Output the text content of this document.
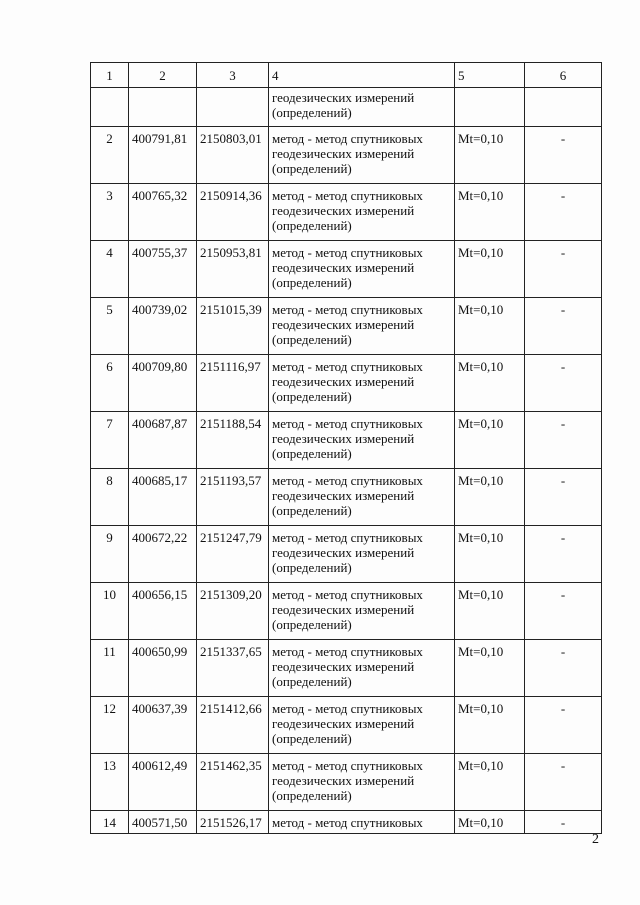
1	2	3	4	5	6
			геодезических измерений (определений)		
2	400791,81	2150803,01	метод - метод спутниковых геодезических измерений (определений)	Mt=0,10	-
3	400765,32	2150914,36	метод - метод спутниковых геодезических измерений (определений)	Mt=0,10	-
4	400755,37	2150953,81	метод - метод спутниковых геодезических измерений (определений)	Mt=0,10	-
5	400739,02	2151015,39	метод - метод спутниковых геодезических измерений (определений)	Mt=0,10	-
6	400709,80	2151116,97	метод - метод спутниковых геодезических измерений (определений)	Mt=0,10	-
7	400687,87	2151188,54	метод - метод спутниковых геодезических измерений (определений)	Mt=0,10	-
8	400685,17	2151193,57	метод - метод спутниковых геодезических измерений (определений)	Mt=0,10	-
9	400672,22	2151247,79	метод - метод спутниковых геодезических измерений (определений)	Mt=0,10	-
10	400656,15	2151309,20	метод - метод спутниковых геодезических измерений (определений)	Mt=0,10	-
11	400650,99	2151337,65	метод - метод спутниковых геодезических измерений (определений)	Mt=0,10	-
12	400637,39	2151412,66	метод - метод спутниковых геодезических измерений (определений)	Mt=0,10	-
13	400612,49	2151462,35	метод - метод спутниковых геодезических измерений (определений)	Mt=0,10	-
14	400571,50	2151526,17	метод - метод спутниковых	Mt=0,10	-
2
